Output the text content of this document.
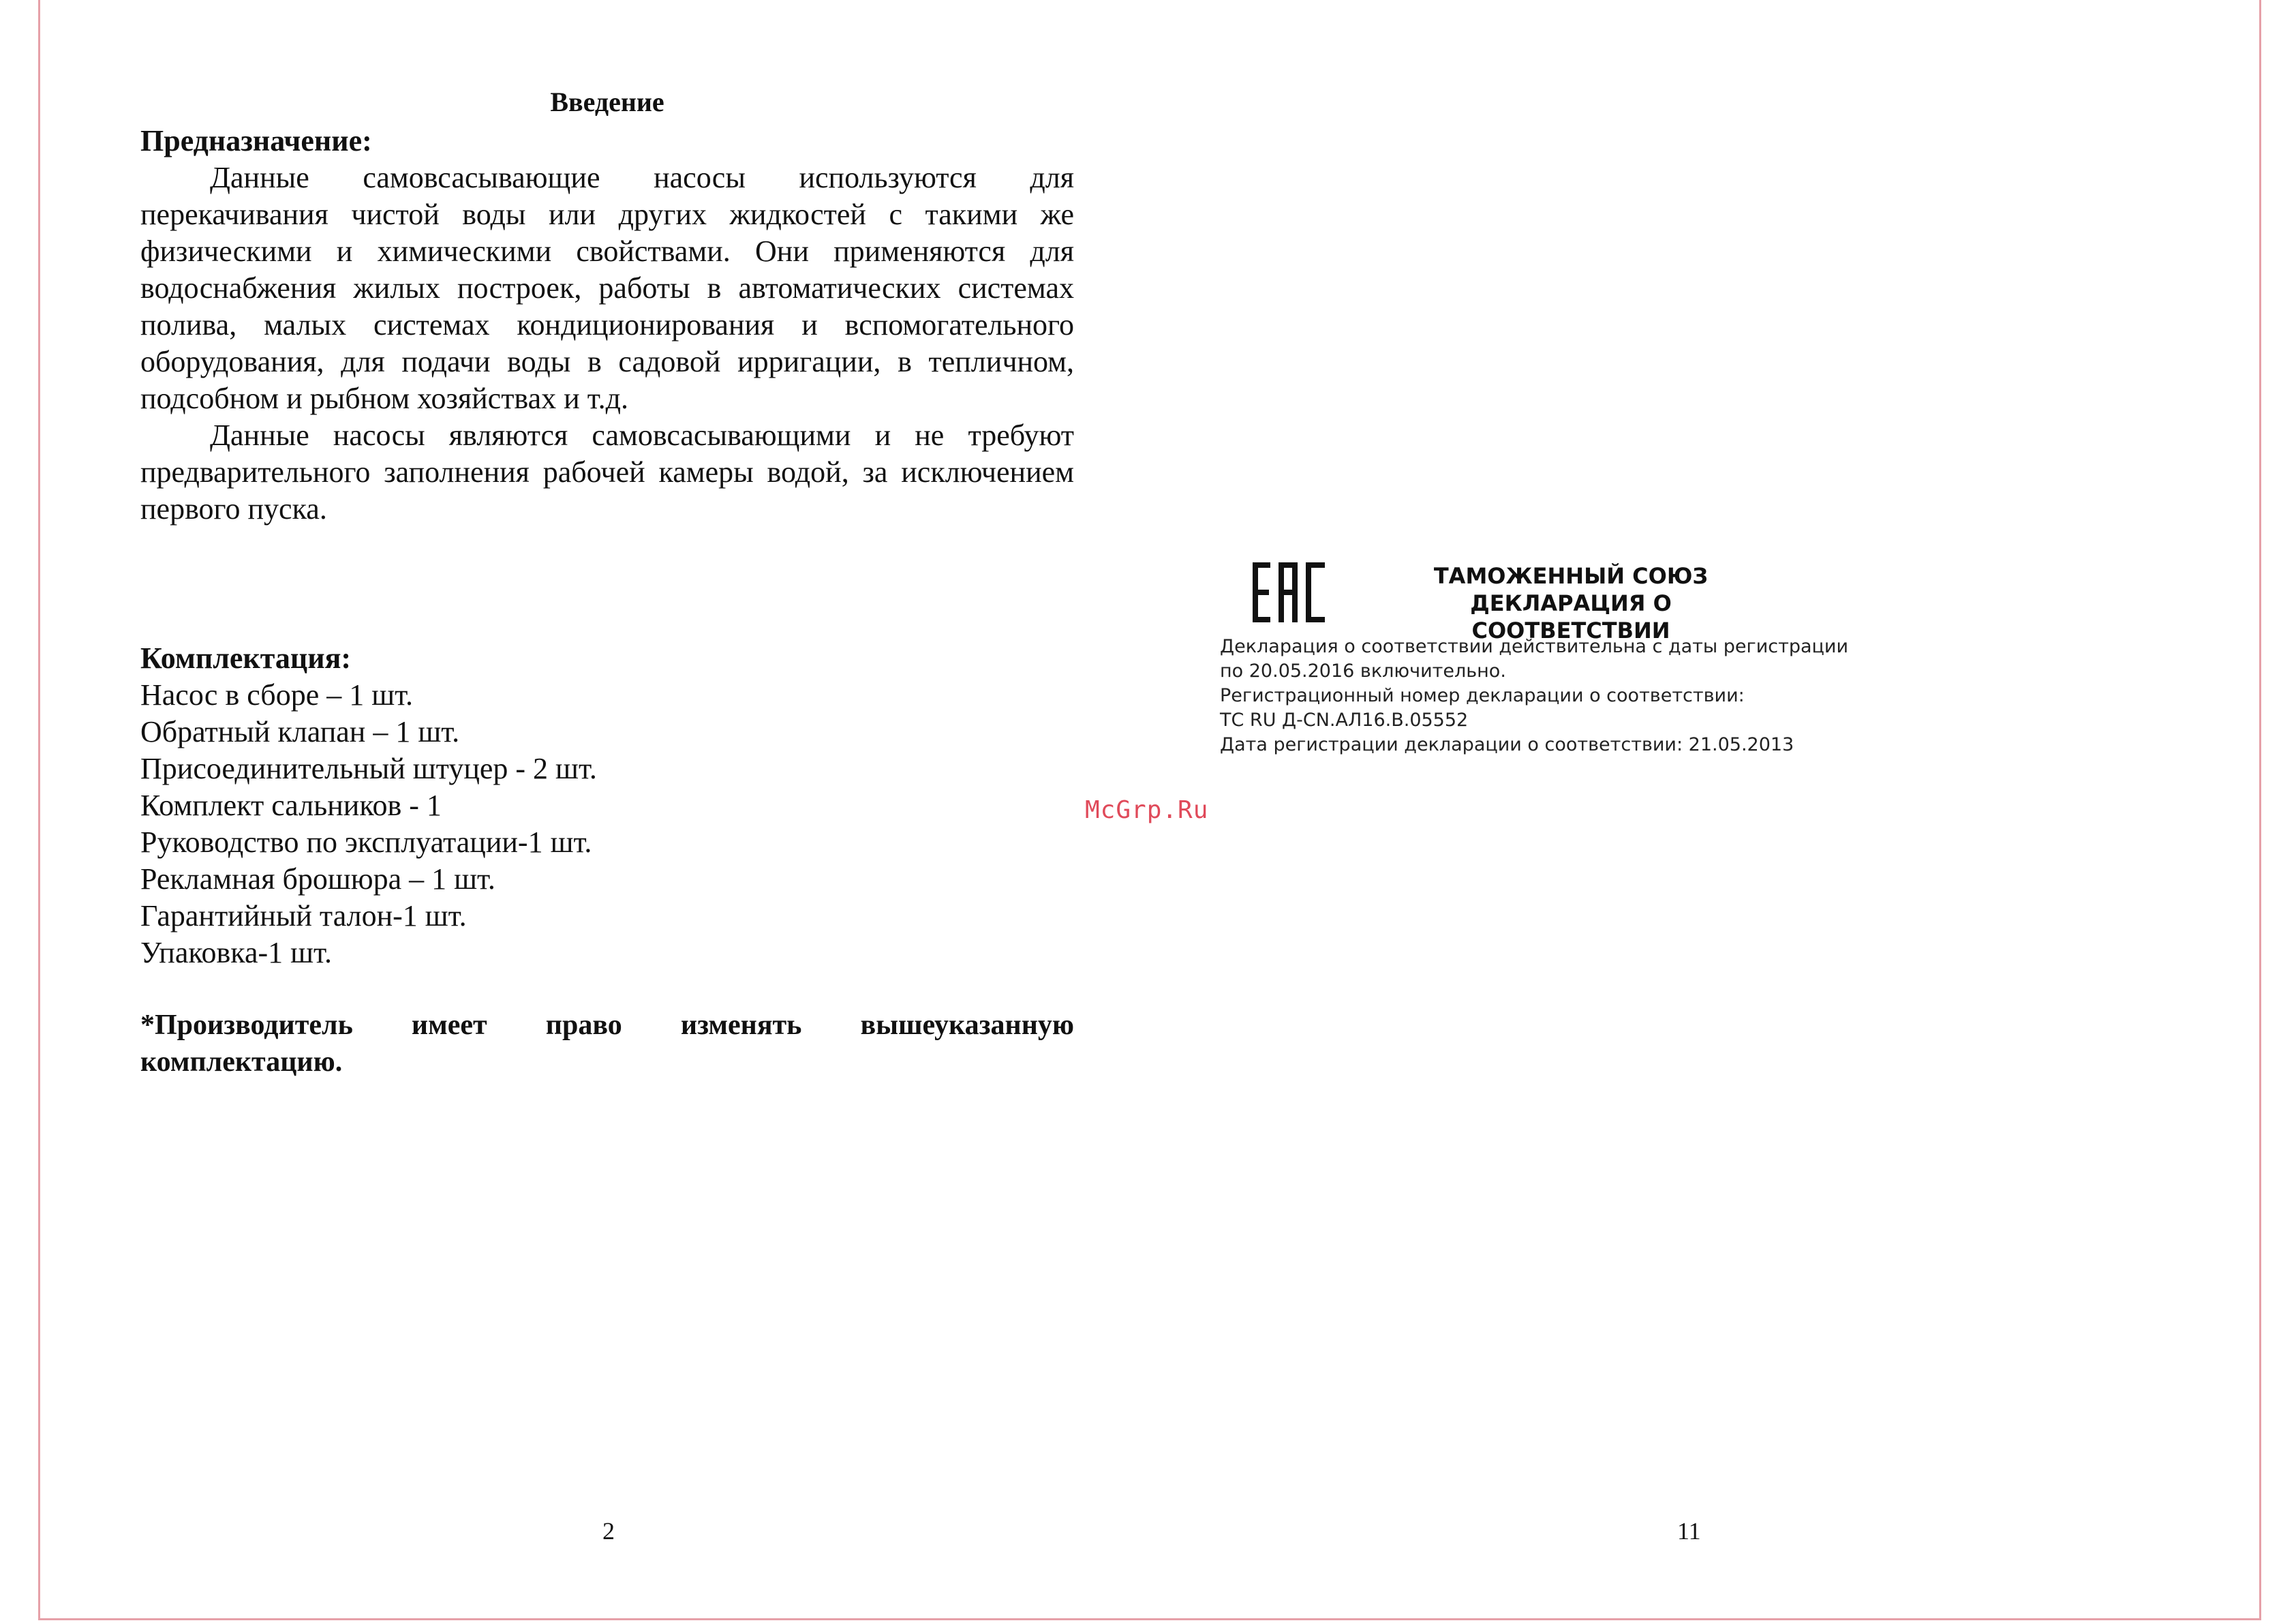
Введение

Предназначение:

Данные самовсасывающие насосы используются для перекачивания чистой воды или других жидкостей с такими же физическими и химическими свойствами. Они применяются для водоснабжения жилых построек, работы в автоматических системах полива, малых системах кондиционирования и вспомогательного оборудования, для подачи воды в садовой ирригации, в тепличном, подсобном и рыбном хозяйствах и т.д.

Данные насосы являются самовсасывающими и не требуют предварительного заполнения рабочей камеры водой, за исключением первого пуска.

Комплектация:

Насос в сборе – 1 шт.

Обратный клапан – 1 шт.

Присоединительный штуцер - 2 шт.

Комплект сальников - 1

Руководство по эксплуатации-1 шт.

Рекламная брошюра – 1 шт.

Гарантийный талон-1 шт.

Упаковка-1 шт.

*Производитель имеет право изменять вышеуказанную комплектацию.

2
ТАМОЖЕННЫЙ СОЮЗ
ДЕКЛАРАЦИЯ О СООТВЕТСТВИИ

Декларация о соответствии действительна с даты регистрации

по 20.05.2016 включительно.

Регистрационный номер декларации о соответствии:

ТС RU Д-CN.АЛ16.В.05552

Дата регистрации декларации о соответствии: 21.05.2013

McGrp.Ru
11
